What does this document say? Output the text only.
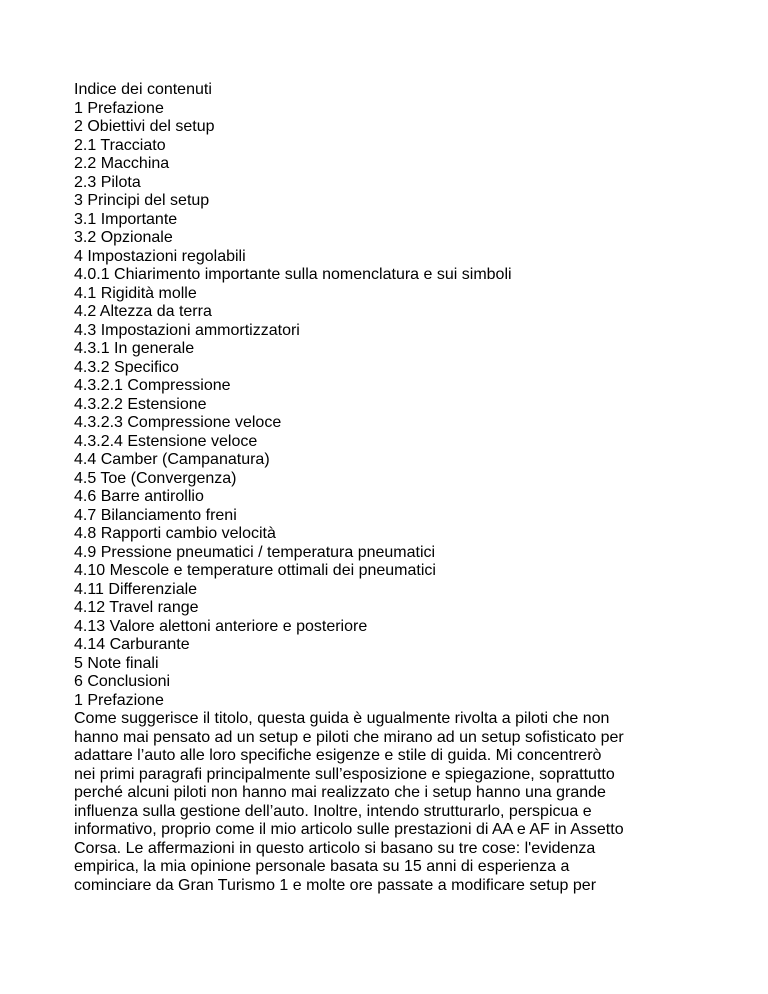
Indice dei contenuti
1 Prefazione
2 Obiettivi del setup
2.1 Tracciato
2.2 Macchina
2.3 Pilota
3 Principi del setup
3.1 Importante
3.2 Opzionale
4 Impostazioni regolabili
4.0.1 Chiarimento importante sulla nomenclatura e sui simboli
4.1 Rigidità molle
4.2 Altezza da terra
4.3 Impostazioni ammortizzatori
4.3.1 In generale
4.3.2 Specifico
4.3.2.1 Compressione
4.3.2.2 Estensione
4.3.2.3 Compressione veloce
4.3.2.4 Estensione veloce
4.4 Camber (Campanatura)
4.5 Toe (Convergenza)
4.6 Barre antirollio
4.7 Bilanciamento freni
4.8 Rapporti cambio velocità
4.9 Pressione pneumatici / temperatura pneumatici
4.10 Mescole e temperature ottimali dei pneumatici
4.11 Differenziale
4.12 Travel range
4.13 Valore alettoni anteriore e posteriore
4.14 Carburante
5 Note finali
6 Conclusioni
1 Prefazione
Come suggerisce il titolo, questa guida è ugualmente rivolta a piloti che non
hanno mai pensato ad un setup e piloti che mirano ad un setup sofisticato per
adattare l’auto alle loro specifiche esigenze e stile di guida. Mi concentrerò
nei primi paragrafi principalmente sull’esposizione e spiegazione, soprattutto
perché alcuni piloti non hanno mai realizzato che i setup hanno una grande
influenza sulla gestione dell’auto. Inoltre, intendo strutturarlo, perspicua e
informativo, proprio come il mio articolo sulle prestazioni di AA e AF in Assetto
Corsa. Le affermazioni in questo articolo si basano su tre cose: l'evidenza
empirica, la mia opinione personale basata su 15 anni di esperienza a
cominciare da Gran Turismo 1 e molte ore passate a modificare setup per
